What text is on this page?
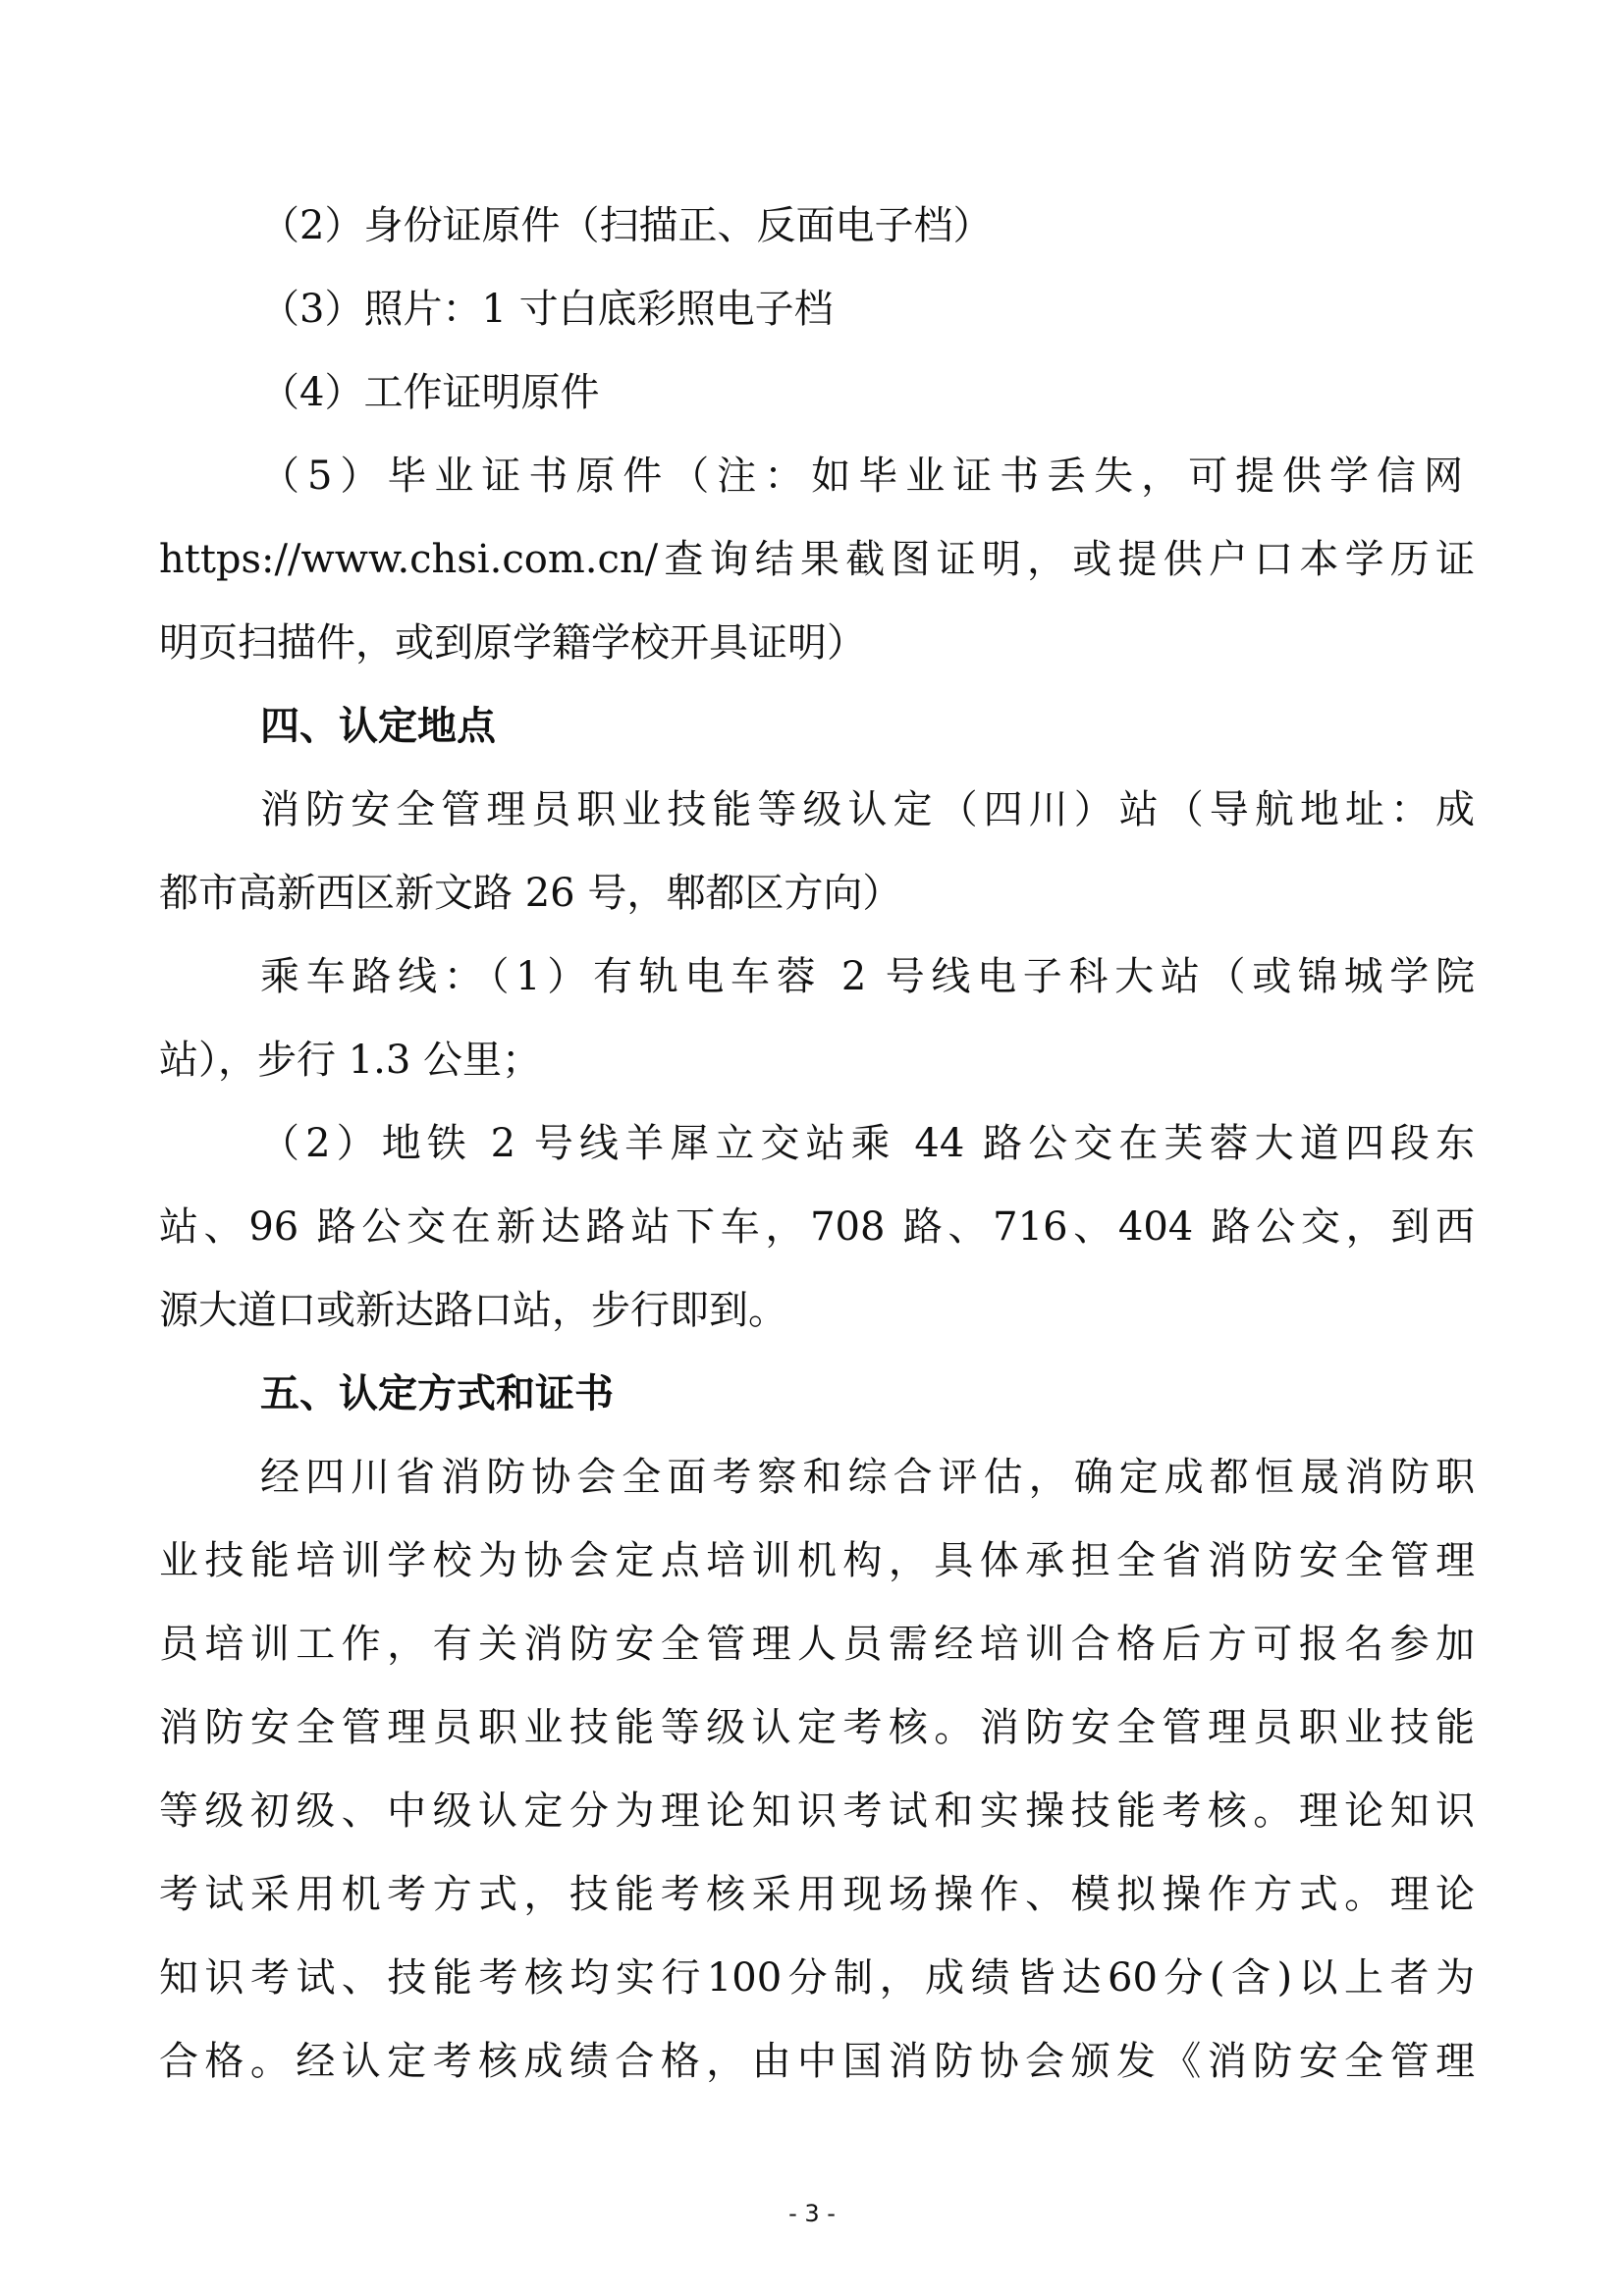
（2）身份证原件（扫描正、反面电子档）
（3）照片：1 寸白底彩照电子档
（4）工作证明原件
（5）毕业证书原件（注：如毕业证书丢失，可提供学信网
https://www.chsi.com.cn/查询结果截图证明，或提供户口本学历证
明页扫描件，或到原学籍学校开具证明）
四、认定地点
消防安全管理员职业技能等级认定（四川）站（导航地址：成
都市高新西区新文路 26 号，郫都区方向）
乘车路线：（1）有轨电车蓉 2 号线电子科大站（或锦城学院
站），步行 1.3 公里；
（2）地铁 2 号线羊犀立交站乘 44 路公交在芙蓉大道四段东
站、96 路公交在新达路站下车，708 路、716、404 路公交，到西
源大道口或新达路口站，步行即到。
五、认定方式和证书
经四川省消防协会全面考察和综合评估，确定成都恒晟消防职
业技能培训学校为协会定点培训机构，具体承担全省消防安全管理
员培训工作，有关消防安全管理人员需经培训合格后方可报名参加
消防安全管理员职业技能等级认定考核。消防安全管理员职业技能
等级初级、中级认定分为理论知识考试和实操技能考核。理论知识
考试采用机考方式，技能考核采用现场操作、模拟操作方式。理论
知识考试、技能考核均实行100分制，成绩皆达60分(含)以上者为
合格。经认定考核成绩合格，由中国消防协会颁发《消防安全管理
- 3 -
